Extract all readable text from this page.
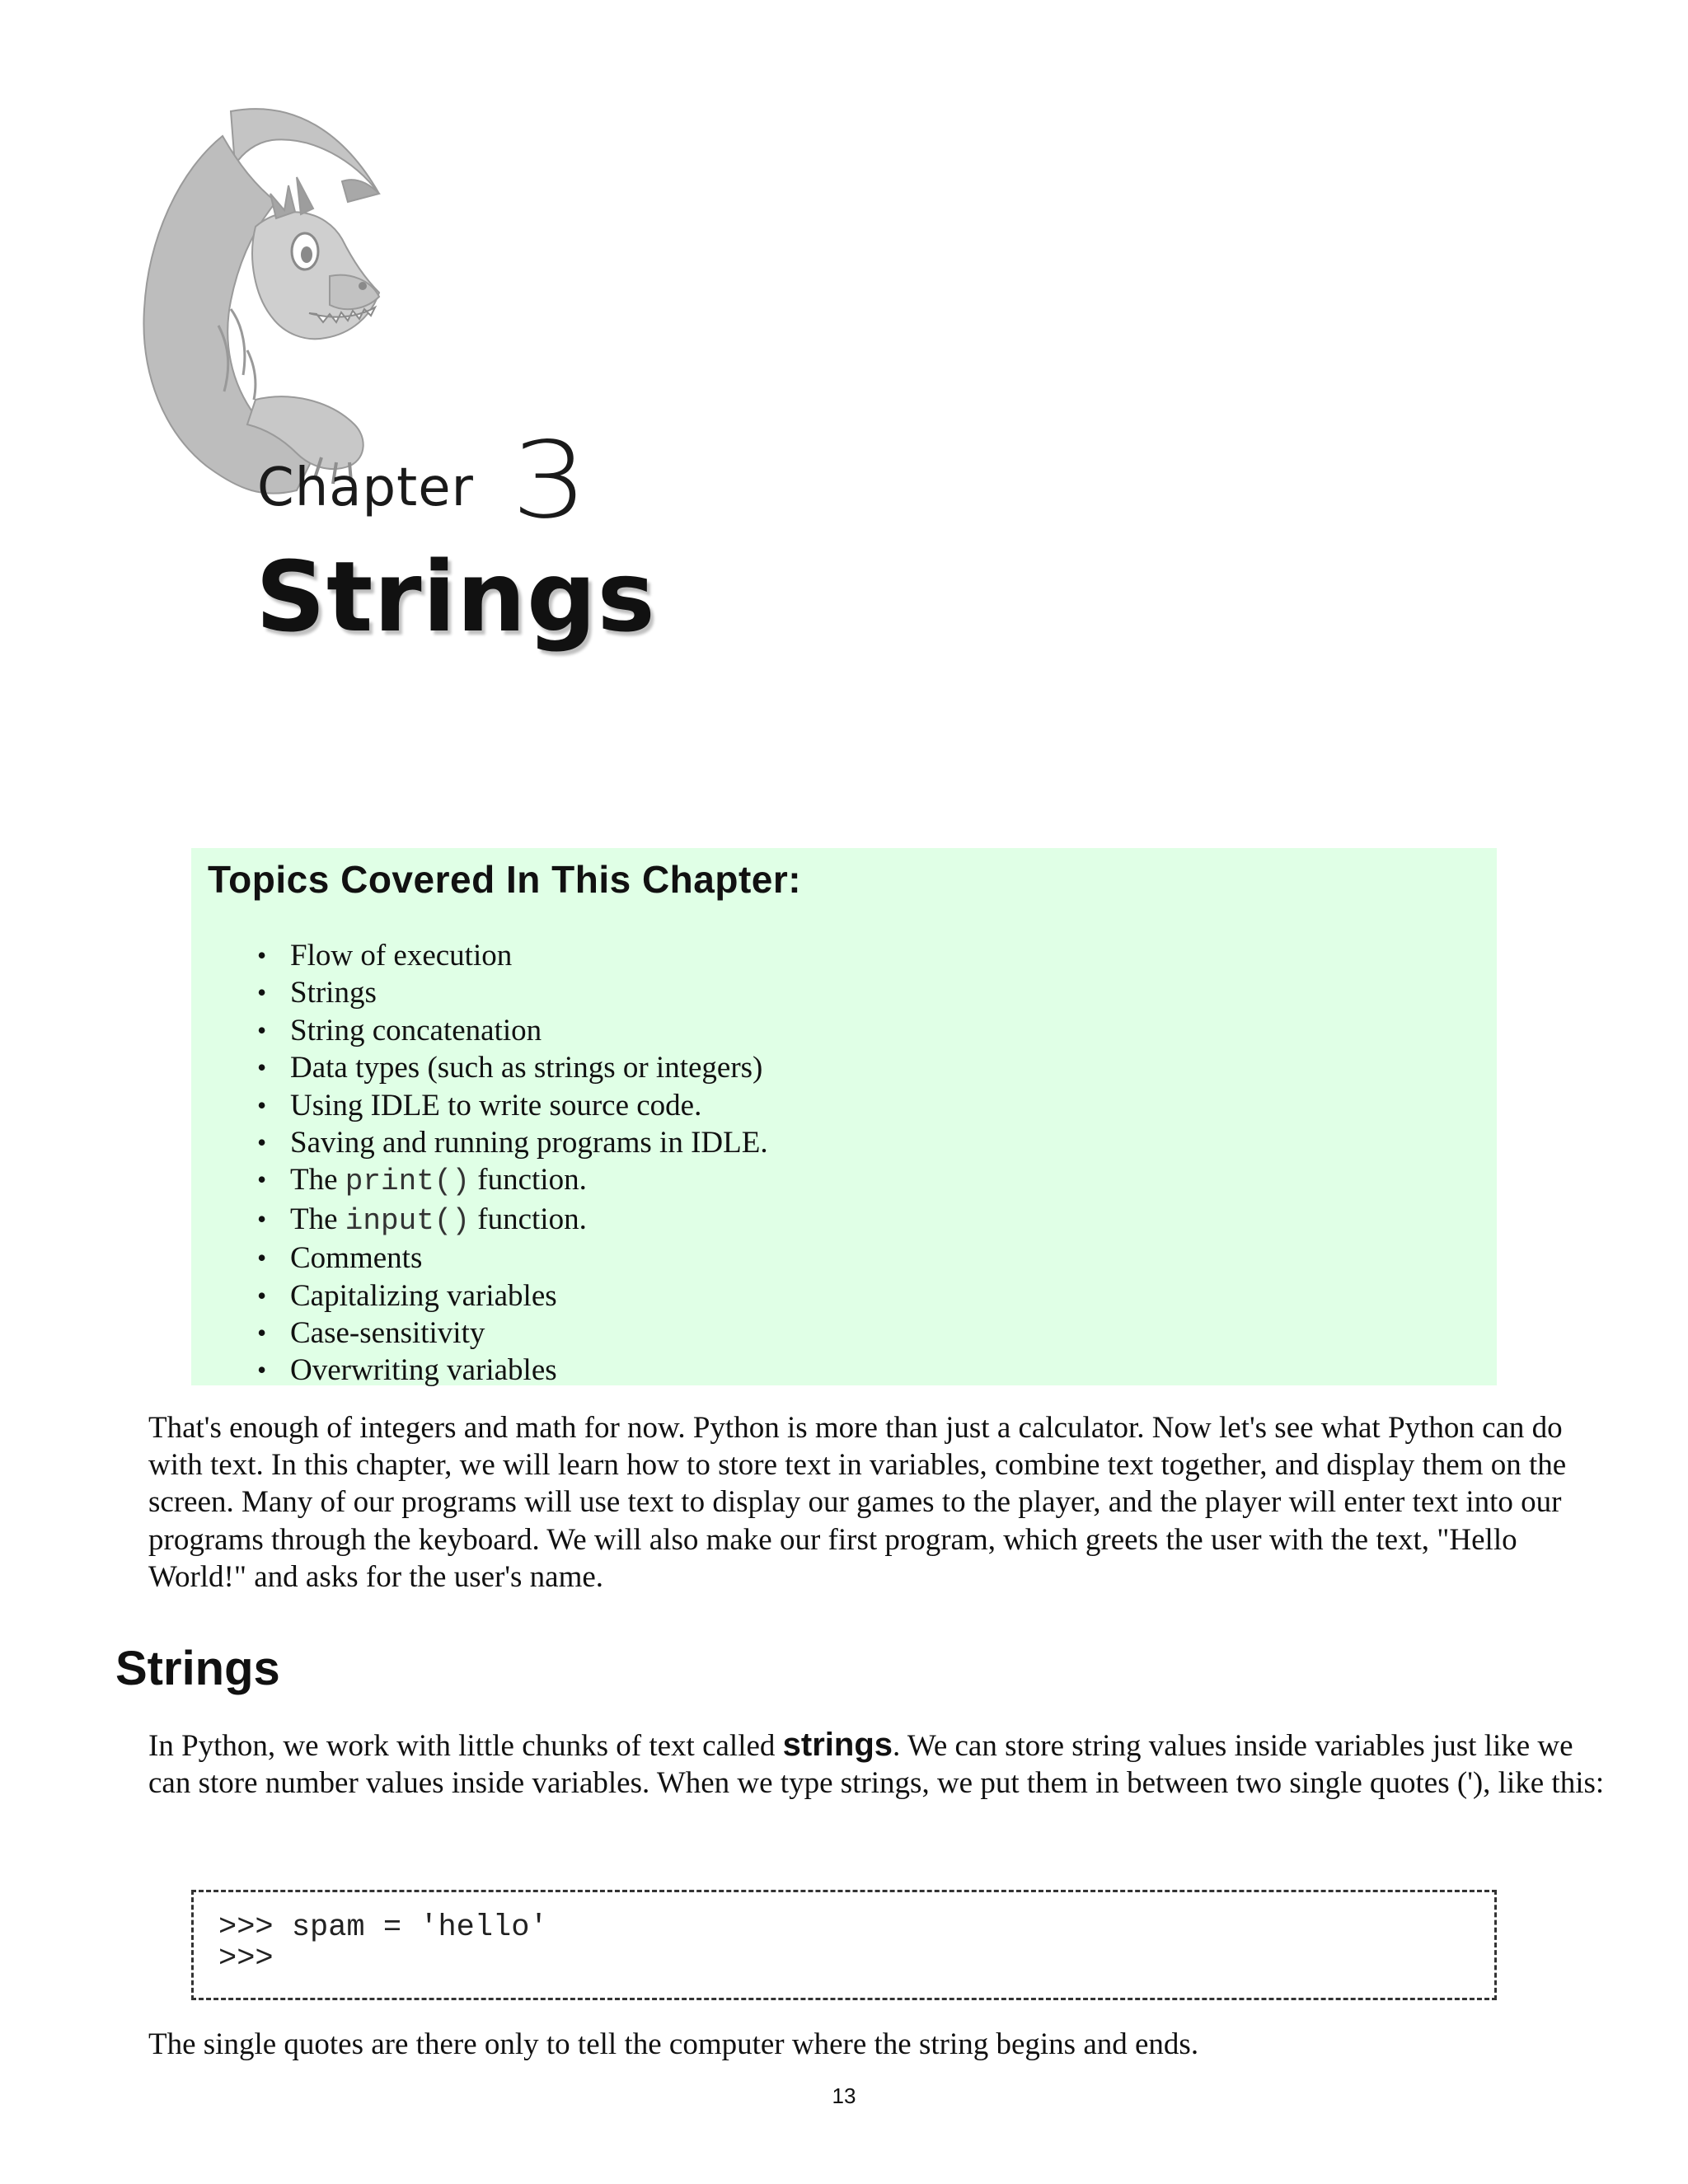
Chapter 3
Strings
Topics Covered In This Chapter:
• Flow of execution
• Strings
• String concatenation
• Data types (such as strings or integers)
• Using IDLE to write source code.
• Saving and running programs in IDLE.
• The print() function.
• The input() function.
• Comments
• Capitalizing variables
• Case-sensitivity
• Overwriting variables

That's enough of integers and math for now. Python is more than just a calculator. Now let's see what Python can do with text. In this chapter, we will learn how to store text in variables, combine text together, and display them on the screen. Many of our programs will use text to display our games to the player, and the player will enter text into our programs through the keyboard. We will also make our first program, which greets the user with the text, "Hello World!" and asks for the user's name.

Strings

In Python, we work with little chunks of text called strings. We can store string values inside variables just like we can store number values inside variables. When we type strings, we put them in between two single quotes ('), like this:

>>> spam = 'hello'
>>>

The single quotes are there only to tell the computer where the string begins and ends.

13
